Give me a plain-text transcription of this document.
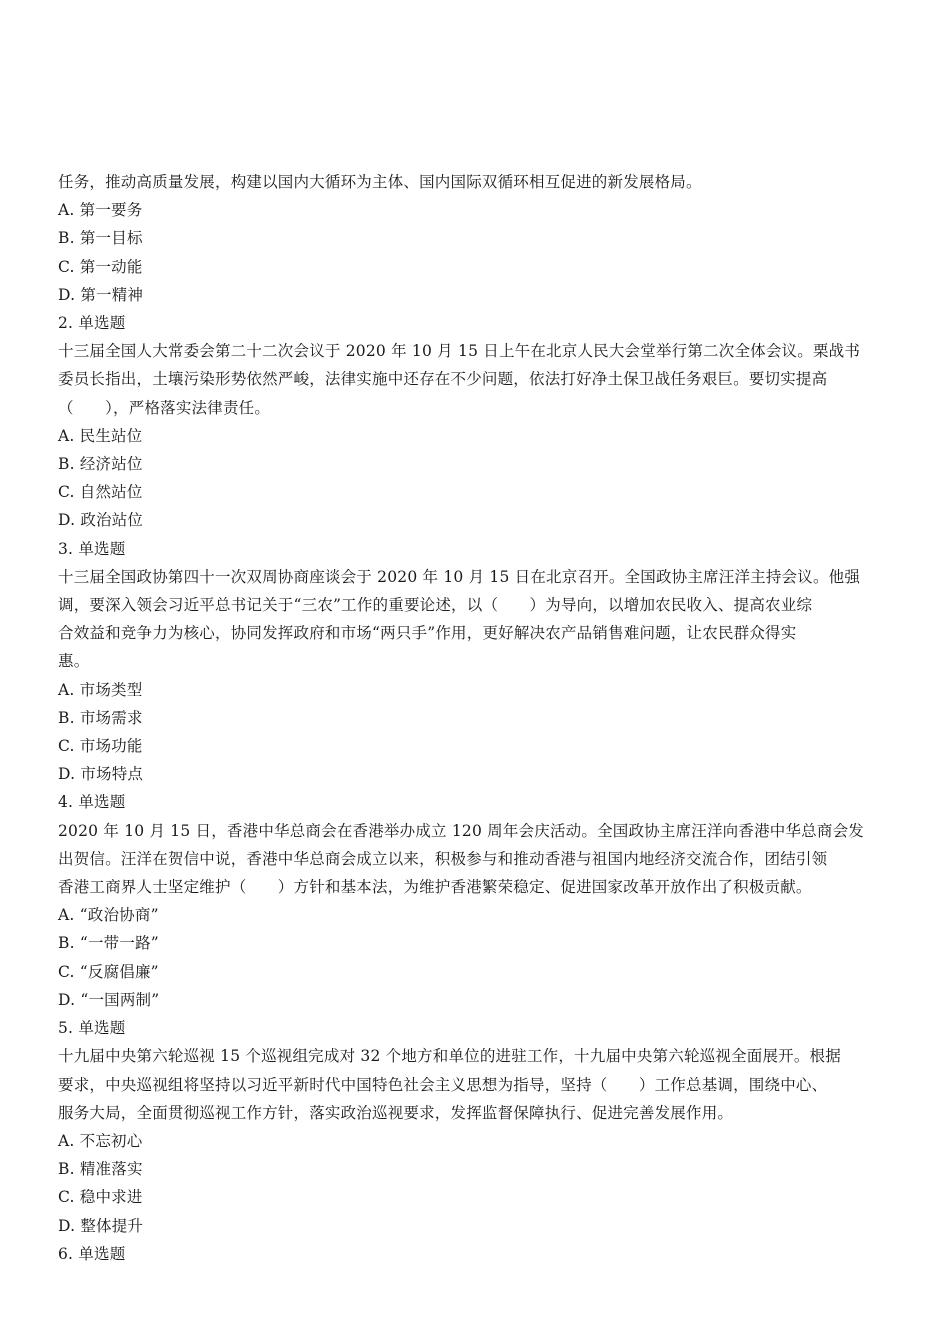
任务，推动高质量发展，构建以国内大循环为主体、国内国际双循环相互促进的新发展格局。
A. 第一要务
B. 第一目标
C. 第一动能
D. 第一精神
2. 单选题
十三届全国人大常委会第二十二次会议于 2020 年 10 月 15 日上午在北京人民大会堂举行第二次全体会议。栗战书
委员长指出，土壤污染形势依然严峻，法律实施中还存在不少问题，依法打好净土保卫战任务艰巨。要切实提高
（　　），严格落实法律责任。
A. 民生站位
B. 经济站位
C. 自然站位
D. 政治站位
3. 单选题
十三届全国政协第四十一次双周协商座谈会于 2020 年 10 月 15 日在北京召开。全国政协主席汪洋主持会议。他强
调，要深入领会习近平总书记关于“三农”工作的重要论述，以（　　）为导向，以增加农民收入、提高农业综
合效益和竞争力为核心，协同发挥政府和市场“两只手”作用，更好解决农产品销售难问题，让农民群众得实
惠。
A. 市场类型
B. 市场需求
C. 市场功能
D. 市场特点
4. 单选题
2020 年 10 月 15 日，香港中华总商会在香港举办成立 120 周年会庆活动。全国政协主席汪洋向香港中华总商会发
出贺信。汪洋在贺信中说，香港中华总商会成立以来，积极参与和推动香港与祖国内地经济交流合作，团结引领
香港工商界人士坚定维护（　　）方针和基本法，为维护香港繁荣稳定、促进国家改革开放作出了积极贡献。
A. “政治协商”
B. “一带一路”
C. “反腐倡廉”
D. “一国两制”
5. 单选题
十九届中央第六轮巡视 15 个巡视组完成对 32 个地方和单位的进驻工作，十九届中央第六轮巡视全面展开。根据
要求，中央巡视组将坚持以习近平新时代中国特色社会主义思想为指导，坚持（　　）工作总基调，围绕中心、
服务大局，全面贯彻巡视工作方针，落实政治巡视要求，发挥监督保障执行、促进完善发展作用。
A. 不忘初心
B. 精准落实
C. 稳中求进
D. 整体提升
6. 单选题
